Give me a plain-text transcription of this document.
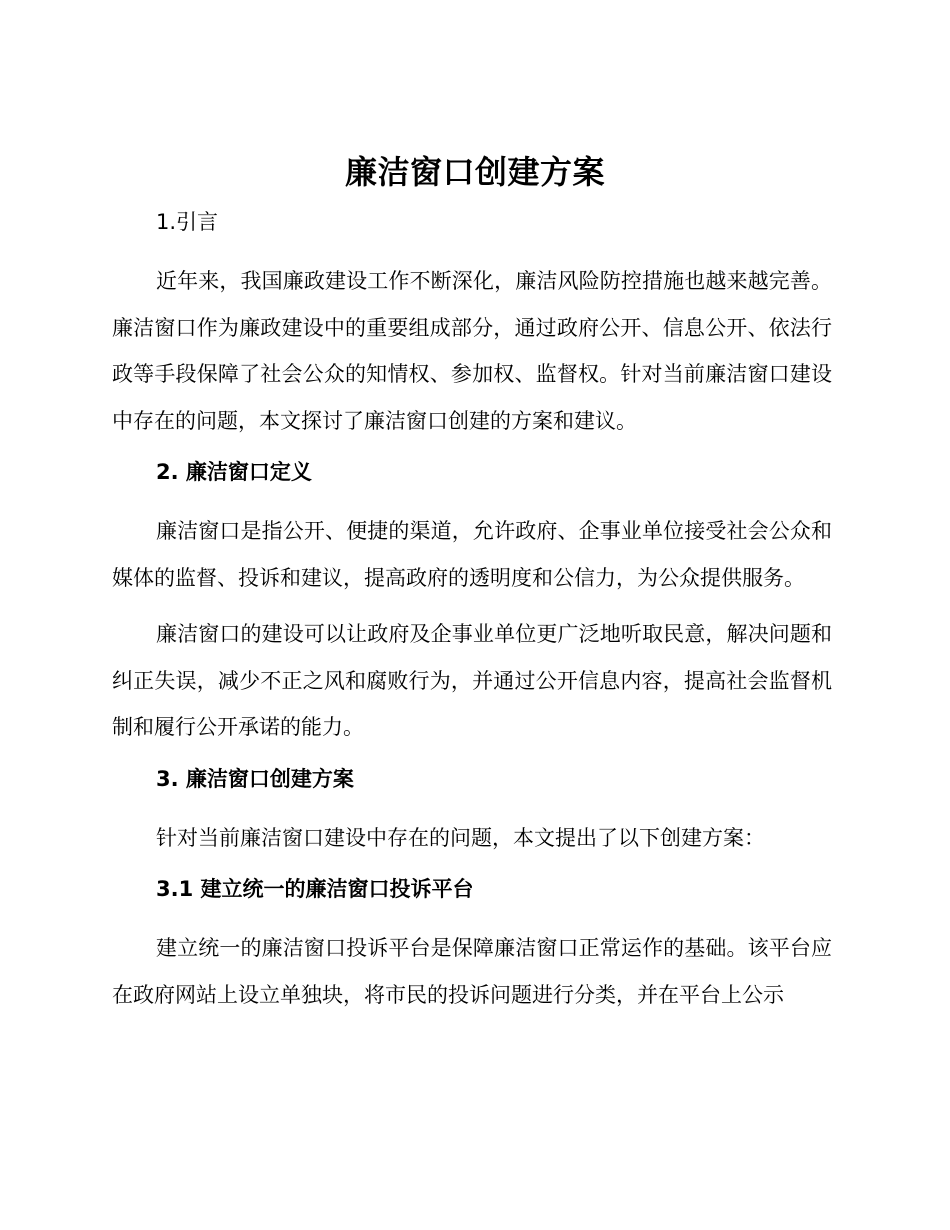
廉洁窗口创建方案
1.引言

近年来，我国廉政建设工作不断深化，廉洁风险防控措施也越来越完善。廉洁窗口作为廉政建设中的重要组成部分，通过政府公开、信息公开、依法行政等手段保障了社会公众的知情权、参加权、监督权。针对当前廉洁窗口建设中存在的问题，本文探讨了廉洁窗口创建的方案和建议。

2. 廉洁窗口定义

廉洁窗口是指公开、便捷的渠道，允许政府、企事业单位接受社会公众和媒体的监督、投诉和建议，提高政府的透明度和公信力，为公众提供服务。

廉洁窗口的建设可以让政府及企事业单位更广泛地听取民意，解决问题和纠正失误，减少不正之风和腐败行为，并通过公开信息内容，提高社会监督机制和履行公开承诺的能力。

3. 廉洁窗口创建方案

针对当前廉洁窗口建设中存在的问题，本文提出了以下创建方案：

3.1 建立统一的廉洁窗口投诉平台

建立统一的廉洁窗口投诉平台是保障廉洁窗口正常运作的基础。该平台应在政府网站上设立单独块，将市民的投诉问题进行分类，并在平台上公示
